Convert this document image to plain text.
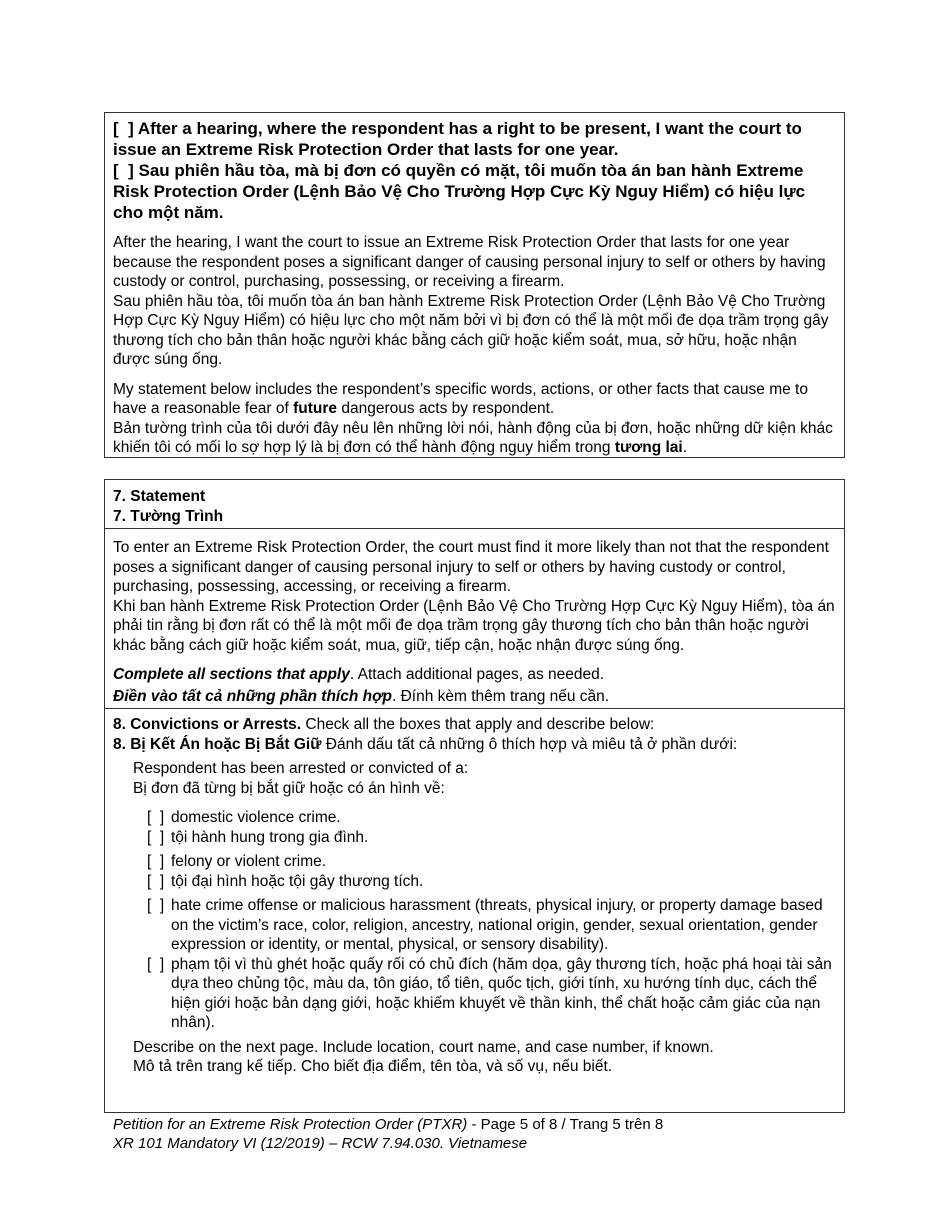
[  ] After a hearing, where the respondent has a right to be present, I want the court to issue an Extreme Risk Protection Order that lasts for one year.

[  ] Sau phiên hầu tòa, mà bị đơn có quyền có mặt, tôi muốn tòa án ban hành Extreme Risk Protection Order (Lệnh Bảo Vệ Cho Trường Hợp Cực Kỳ Nguy Hiểm) có hiệu lực cho một năm.

After the hearing, I want the court to issue an Extreme Risk Protection Order that lasts for one year because the respondent poses a significant danger of causing personal injury to self or others by having custody or control, purchasing, possessing, or receiving a firearm.

Sau phiên hầu tòa, tôi muốn tòa án ban hành Extreme Risk Protection Order (Lệnh Bảo Vệ Cho Trường Hợp Cực Kỳ Nguy Hiểm) có hiệu lực cho một năm bởi vì bị đơn có thể là một mối đe dọa trầm trọng gây thương tích cho bản thân hoặc người khác bằng cách giữ hoặc kiểm soát, mua, sở hữu, hoặc nhận được súng ống.

My statement below includes the respondent’s specific words, actions, or other facts that cause me to have a reasonable fear of future dangerous acts by respondent.

Bản tường trình của tôi dưới đây nêu lên những lời nói, hành động của bị đơn, hoặc những dữ kiện khác khiến tôi có mối lo sợ hợp lý là bị đơn có thể hành động nguy hiểm trong tương lai.

7. Statement

7. Tường Trình

To enter an Extreme Risk Protection Order, the court must find it more likely than not that the respondent poses a significant danger of causing personal injury to self or others by having custody or control, purchasing, possessing, accessing, or receiving a firearm.

Khi ban hành Extreme Risk Protection Order (Lệnh Bảo Vệ Cho Trường Hợp Cực Kỳ Nguy Hiểm), tòa án phải tin rằng bị đơn rất có thể là một mối đe dọa trầm trọng gây thương tích cho bản thân hoặc người khác bằng cách giữ hoặc kiểm soát, mua, giữ, tiếp cận, hoặc nhận được súng ống.

Complete all sections that apply. Attach additional pages, as needed.

Điền vào tất cả những phần thích hợp. Đính kèm thêm trang nếu cần.

8. Convictions or Arrests. Check all the boxes that apply and describe below:

8. Bị Kết Án hoặc Bị Bắt Giữ Đánh dấu tất cả những ô thích hợp và miêu tả ở phần dưới:

Respondent has been arrested or convicted of a:

Bị đơn đã từng bị bắt giữ hoặc có án hình về:

[  ] domestic violence crime.
[  ] tội hành hung trong gia đình.
[  ] felony or violent crime.
[  ] tội đại hình hoặc tội gây thương tích.
[  ] hate crime offense or malicious harassment (threats, physical injury, or property damage based on the victim’s race, color, religion, ancestry, national origin, gender, sexual orientation, gender expression or identity, or mental, physical, or sensory disability).
[  ] phạm tội vì thù ghét hoặc quấy rối có chủ đích (hăm dọa, gây thương tích, hoặc phá hoại tài sản dựa theo chủng tộc, màu da, tôn giáo, tổ tiên, quốc tịch, giới tính, xu hướng tính dục, cách thể hiện giới hoặc bản dạng giới, hoặc khiếm khuyết về thần kinh, thể chất hoặc cảm giác của nạn nhân).

Describe on the next page. Include location, court name, and case number, if known.

Mô tả trên trang kế tiếp. Cho biết địa điểm, tên tòa, và số vụ, nếu biết.

Petition for an Extreme Risk Protection Order (PTXR) - Page 5 of 8 / Trang 5 trên 8

XR 101 Mandatory VI (12/2019) – RCW 7.94.030. Vietnamese
